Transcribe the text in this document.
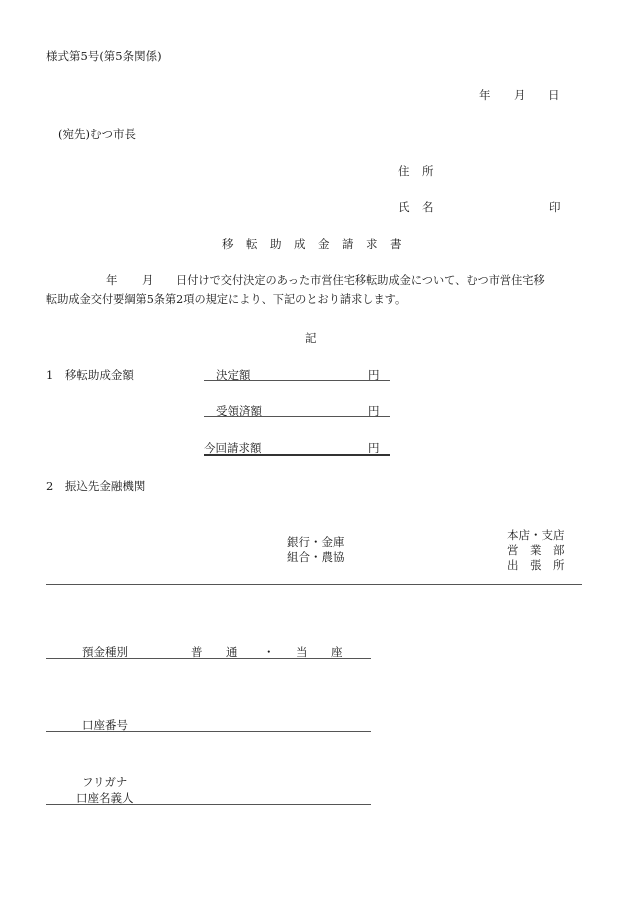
様式第5号(第5条関係)
年 月 日
(宛先)むつ市長
住 所
氏 名	印
移 転 助 成 金 請 求 書
年 月 日付けで交付決定のあった市営住宅移転助成金について、むつ市営住宅移
転助成金交付要綱第5条第2項の規定により、下記のとおり請求します。
記
1　移転助成金額	決定額	円
受領済額	円
今回請求額	円
2　振込先金融機関
銀行・金庫
組合・農協
本店・支店
営　業　部
出　張　所
預金種別	普 通 ・ 当 座
口座番号
フリガナ
口座名義人
